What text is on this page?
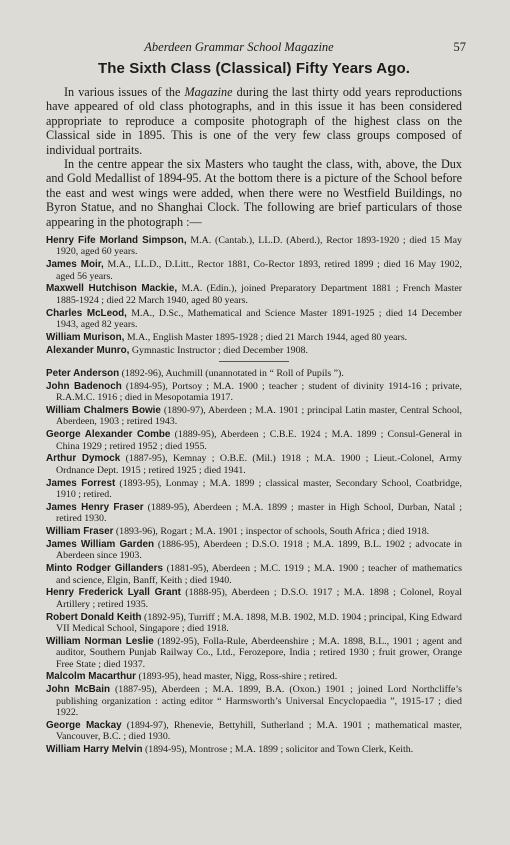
Aberdeen Grammar School Magazine	57
The Sixth Class (Classical) Fifty Years Ago.

In various issues of the Magazine during the last thirty odd years reproductions have appeared of old class photographs, and in this issue it has been considered appropriate to reproduce a composite photograph of the highest class on the Classical side in 1895. This is one of the very few class groups composed of individual portraits.

In the centre appear the six Masters who taught the class, with, above, the Dux and Gold Medallist of 1894-95. At the bottom there is a picture of the School before the east and west wings were added, when there were no Westfield Buildings, no Byron Statue, and no Shanghai Clock. The following are brief particulars of those appearing in the photograph :—

Henry Fife Morland Simpson, M.A. (Cantab.), LL.D. (Aberd.), Rector 1893-1920 ; died 15 May 1920, aged 60 years.

James Moir, M.A., LL.D., D.Litt., Rector 1881, Co-Rector 1893, retired 1899 ; died 16 May 1902, aged 56 years.

Maxwell Hutchison Mackie, M.A. (Edin.), joined Preparatory Department 1881 ; French Master 1885-1924 ; died 22 March 1940, aged 80 years.

Charles McLeod, M.A., D.Sc., Mathematical and Science Master 1891-1925 ; died 14 December 1943, aged 82 years.

William Murison, M.A., English Master 1895-1928 ; died 21 March 1944, aged 80 years.

Alexander Munro, Gymnastic Instructor ; died December 1908.

Peter Anderson (1892-96), Auchmill (unannotated in “ Roll of Pupils ”).

John Badenoch (1894-95), Portsoy ; M.A. 1900 ; teacher ; student of divinity 1914-16 ; private, R.A.M.C. 1916 ; died in Mesopotamia 1917.

William Chalmers Bowie (1890-97), Aberdeen ; M.A. 1901 ; principal Latin master, Central School, Aberdeen, 1903 ; retired 1943.

George Alexander Combe (1889-95), Aberdeen ; C.B.E. 1924 ; M.A. 1899 ; Consul-General in China 1929 ; retired 1952 ; died 1955.

Arthur Dymock (1887-95), Kemnay ; O.B.E. (Mil.) 1918 ; M.A. 1900 ; Lieut.-Colonel, Army Ordnance Dept. 1915 ; retired 1925 ; died 1941.

James Forrest (1893-95), Lonmay ; M.A. 1899 ; classical master, Secondary School, Coatbridge, 1910 ; retired.

James Henry Fraser (1889-95), Aberdeen ; M.A. 1899 ; master in High School, Durban, Natal ; retired 1930.

William Fraser (1893-96), Rogart ; M.A. 1901 ; inspector of schools, South Africa ; died 1918.

James William Garden (1886-95), Aberdeen ; D.S.O. 1918 ; M.A. 1899, B.L. 1902 ; advocate in Aberdeen since 1903.

Minto Rodger Gillanders (1881-95), Aberdeen ; M.C. 1919 ; M.A. 1900 ; teacher of mathematics and science, Elgin, Banff, Keith ; died 1940.

Henry Frederick Lyall Grant (1888-95), Aberdeen ; D.S.O. 1917 ; M.A. 1898 ; Colonel, Royal Artillery ; retired 1935.

Robert Donald Keith (1892-95), Turriff ; M.A. 1898, M.B. 1902, M.D. 1904 ; principal, King Edward VII Medical School, Singapore ; died 1918.

William Norman Leslie (1892-95), Folla-Rule, Aberdeenshire ; M.A. 1898, B.L., 1901 ; agent and auditor, Southern Punjab Railway Co., Ltd., Ferozepore, India ; retired 1930 ; fruit grower, Orange Free State ; died 1937.

Malcolm Macarthur (1893-95), head master, Nigg, Ross-shire ; retired.

John McBain (1887-95), Aberdeen ; M.A. 1899, B.A. (Oxon.) 1901 ; joined Lord Northcliffe’s publishing organization : acting editor “ Harmsworth’s Universal Encyclopaedia ”, 1915-17 ; died 1922.

George Mackay (1894-97), Rhenevie, Bettyhill, Sutherland ; M.A. 1901 ; mathematical master, Vancouver, B.C. ; died 1930.

William Harry Melvin (1894-95), Montrose ; M.A. 1899 ; solicitor and Town Clerk, Keith.
